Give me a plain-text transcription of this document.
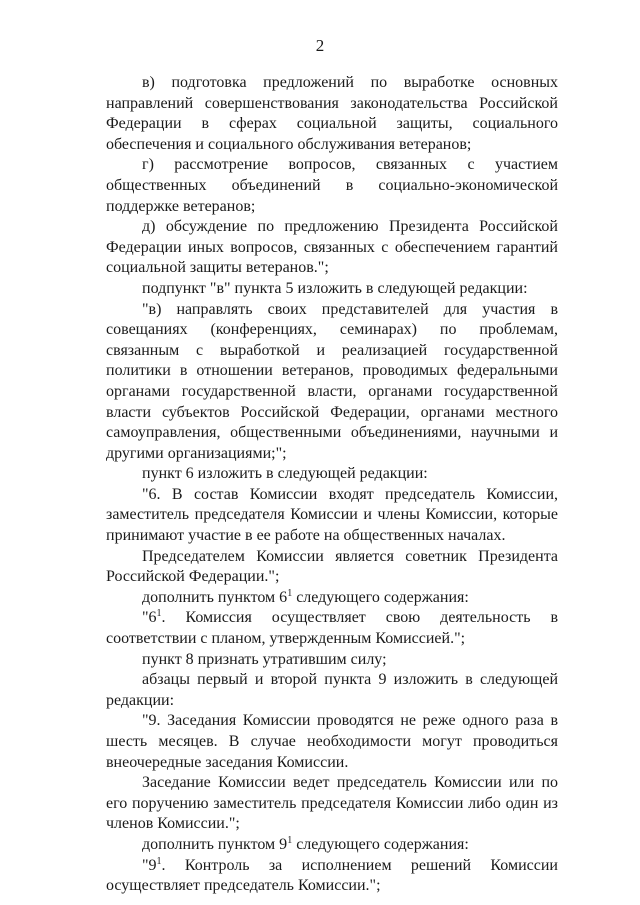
2

в) подготовка предложений по выработке основных направлений совершенствования законодательства Российской Федерации в сферах социальной защиты, социального обеспечения и социального обслуживания ветеранов;

г) рассмотрение вопросов, связанных с участием общественных объединений в социально-экономической поддержке ветеранов;

д) обсуждение по предложению Президента Российской Федерации иных вопросов, связанных с обеспечением гарантий социальной защиты ветеранов.";

подпункт "в" пункта 5 изложить в следующей редакции:

"в) направлять своих представителей для участия в совещаниях (конференциях, семинарах) по проблемам, связанным с выработкой и реализацией государственной политики в отношении ветеранов, проводимых федеральными органами государственной власти, органами государственной власти субъектов Российской Федерации, органами местного самоуправления, общественными объединениями, научными и другими организациями;";

пункт 6 изложить в следующей редакции:

"6. В состав Комиссии входят председатель Комиссии, заместитель председателя Комиссии и члены Комиссии, которые принимают участие в ее работе на общественных началах.

Председателем Комиссии является советник Президента Российской Федерации.";

дополнить пунктом $6^1$ следующего содержания:

"$6^1$. Комиссия осуществляет свою деятельность в соответствии с планом, утвержденным Комиссией.";

пункт 8 признать утратившим силу;

абзацы первый и второй пункта 9 изложить в следующей редакции:

"9. Заседания Комиссии проводятся не реже одного раза в шесть месяцев. В случае необходимости могут проводиться внеочередные заседания Комиссии.

Заседание Комиссии ведет председатель Комиссии или по его поручению заместитель председателя Комиссии либо один из членов Комиссии.";

дополнить пунктом $9^1$ следующего содержания:

"$9^1$. Контроль за исполнением решений Комиссии осуществляет председатель Комиссии.";
